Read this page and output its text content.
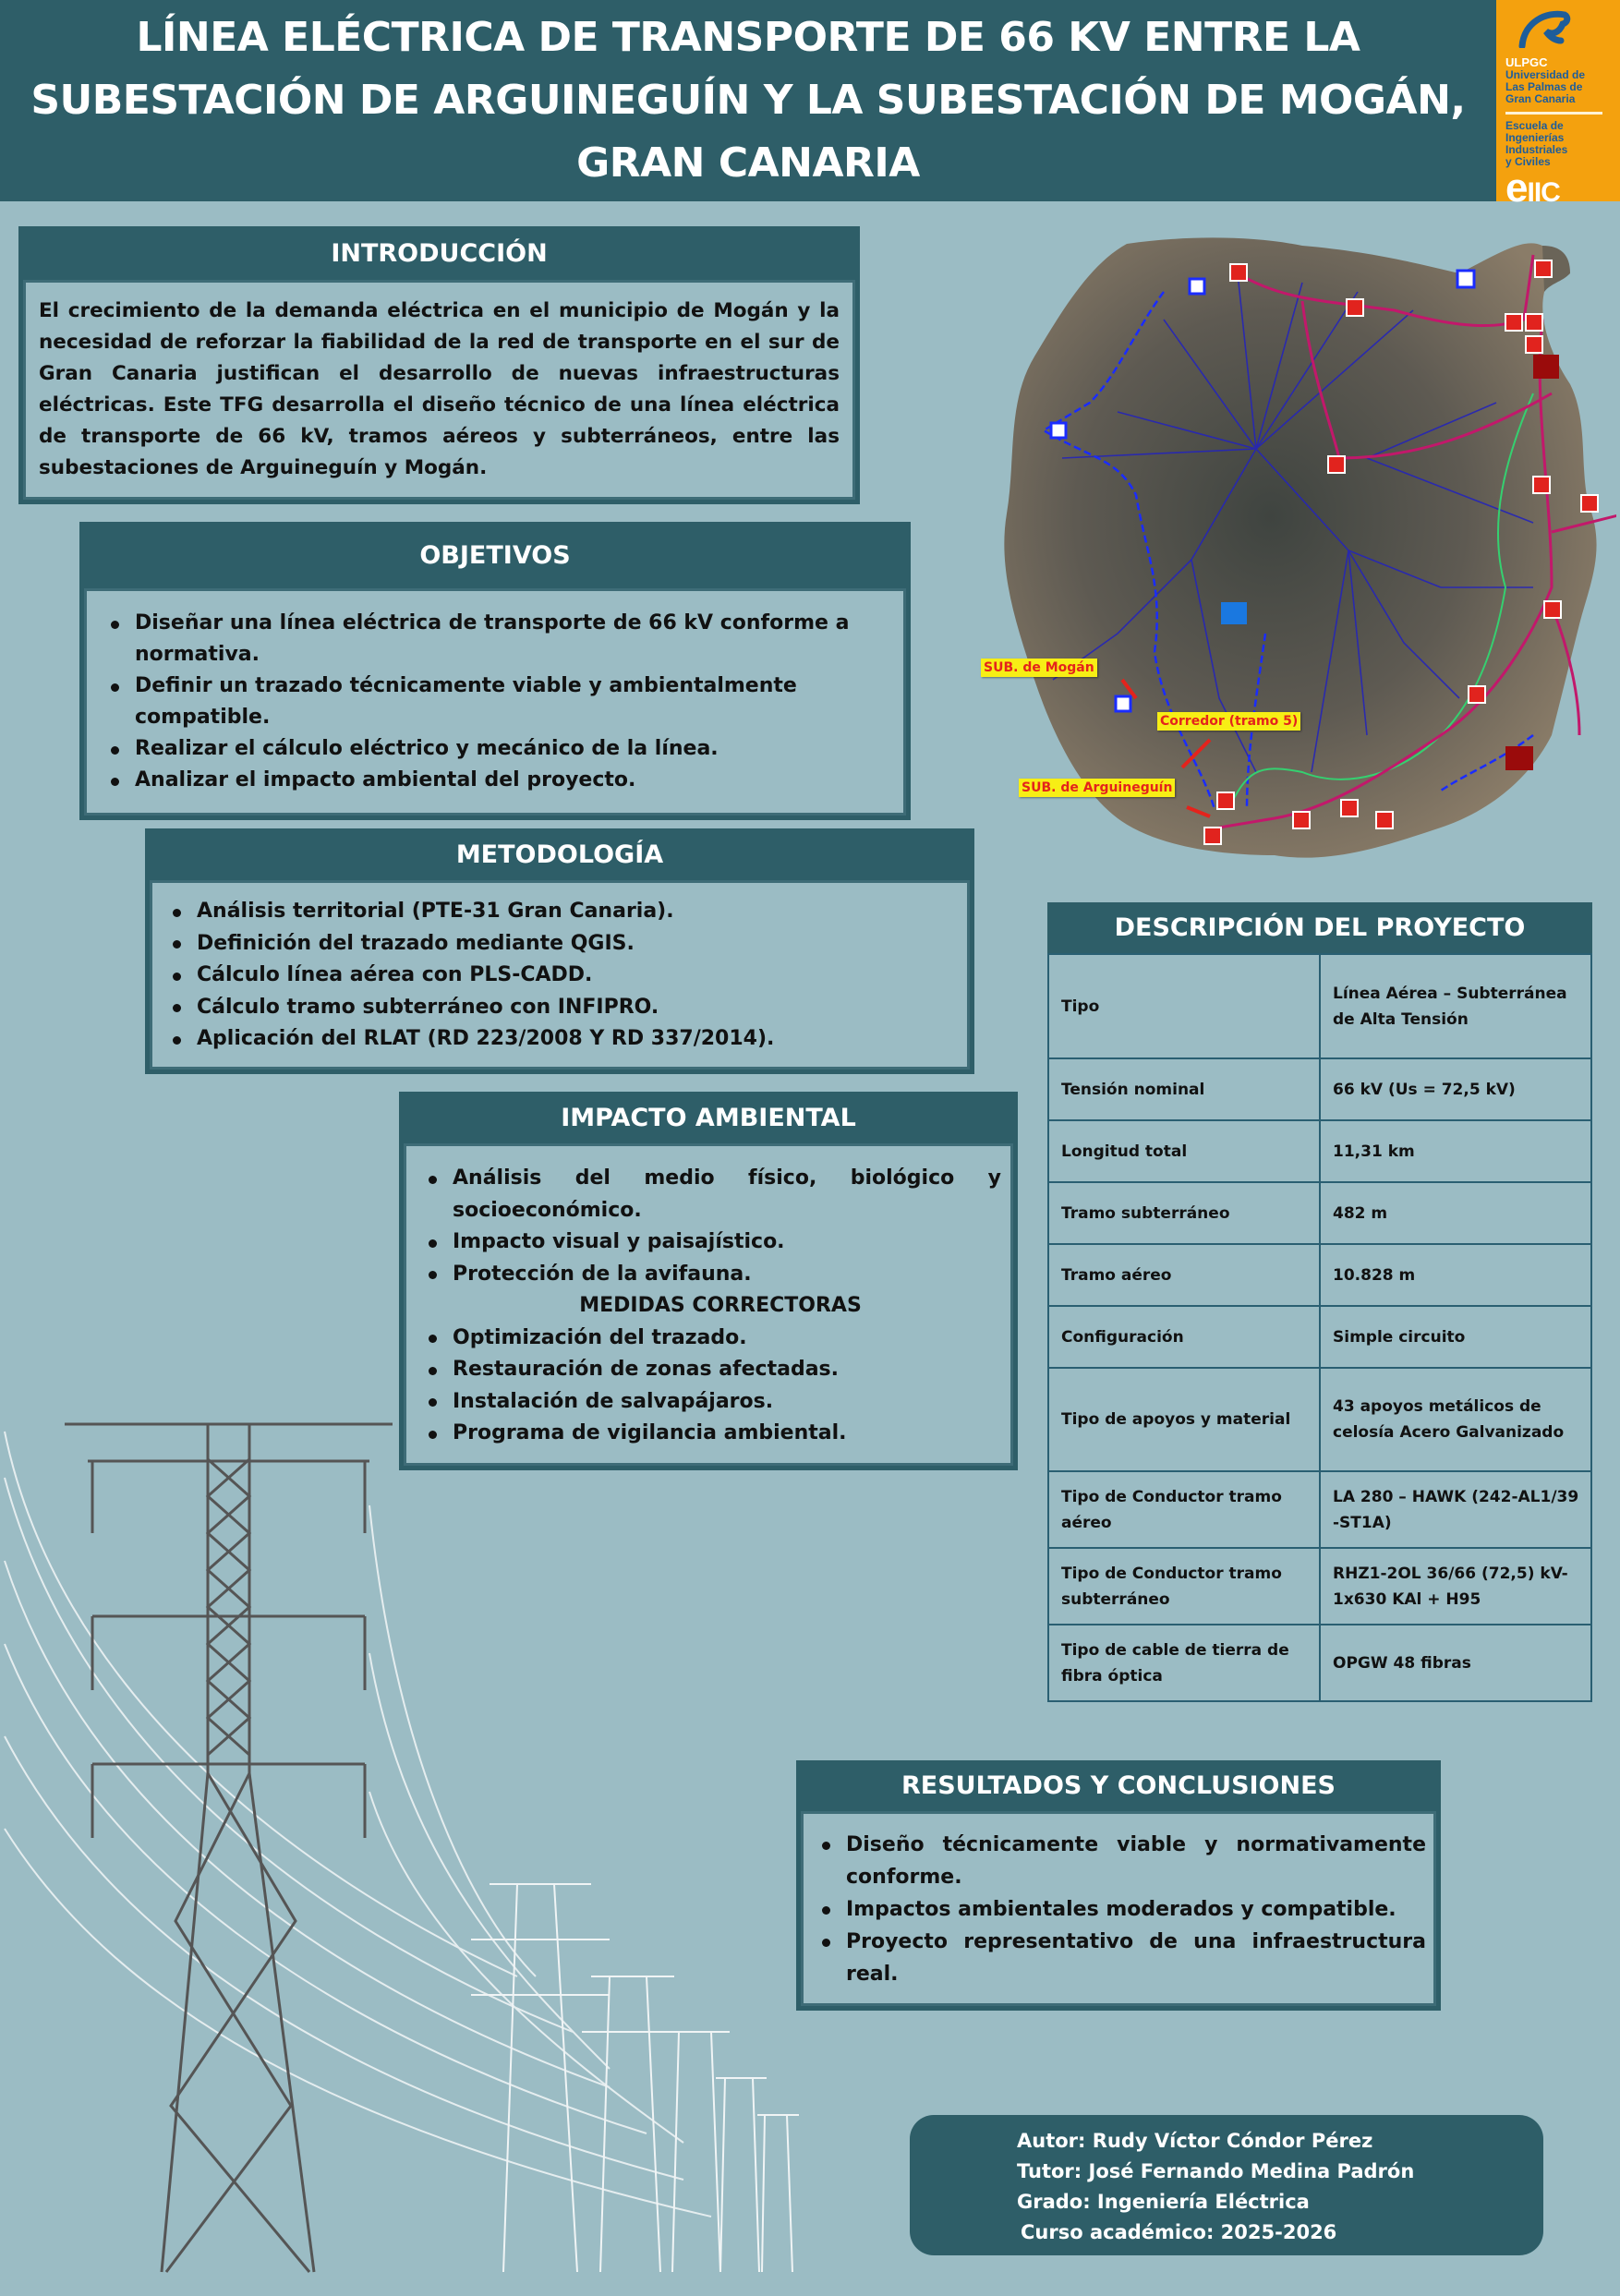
LÍNEA ELÉCTRICA DE TRANSPORTE DE 66 KV ENTRE LA
SUBESTACIÓN DE ARGUINEGUÍN Y LA SUBESTACIÓN DE MOGÁN,
GRAN CANARIA
ULPGC
Universidad de
Las Palmas de
Gran Canaria
Escuela de
Ingenierías
Industriales
y Civiles
eIIC
INTRODUCCIÓN

El crecimiento de la demanda eléctrica en el municipio de Mogán y la necesidad de reforzar la fiabilidad de la red de transporte en el sur de Gran Canaria justifican el desarrollo de nuevas infraestructuras eléctricas. Este TFG desarrolla el diseño técnico de una línea eléctrica de transporte de 66 kV, tramos aéreos y subterráneos, entre las subestaciones de Arguineguín y Mogán.

OBJETIVOS
Diseñar una línea eléctrica de transporte de 66 kV conforme a normativa.
Definir un trazado técnicamente viable y ambientalmente compatible.
Realizar el cálculo eléctrico y mecánico de la línea.
Analizar el impacto ambiental del proyecto.
METODOLOGÍA
Análisis territorial (PTE-31 Gran Canaria).
Definición del trazado mediante QGIS.
Cálculo línea aérea con PLS-CADD.
Cálculo tramo subterráneo con INFIPRO.
Aplicación del RLAT (RD 223/2008 Y RD 337/2014).
IMPACTO AMBIENTAL
Análisis del medio físico, biológico y socioeconómico.
Impacto visual y paisajístico.
Protección de la avifauna.
MEDIDAS CORRECTORAS
Optimización del trazado.
Restauración de zonas afectadas.
Instalación de salvapájaros.
Programa de vigilancia ambiental.
SUB. de Mogán
Corredor (tramo 5)
SUB. de Arguineguín
DESCRIPCIÓN DEL PROYECTO
Tipo	Línea Aérea – Subterránea de Alta Tensión
Tensión nominal	66 kV (Us = 72,5 kV)
Longitud total	11,31 km
Tramo subterráneo	482 m
Tramo aéreo	10.828 m
Configuración	Simple circuito
Tipo de apoyos y material	43 apoyos metálicos de celosía Acero Galvanizado
Tipo de Conductor tramo aéreo	LA 280 – HAWK (242-AL1/39 -ST1A)
Tipo de Conductor tramo subterráneo	RHZ1-2OL 36/66 (72,5) kV-1x630 KAl + H95
Tipo de cable de tierra de fibra óptica	OPGW 48 fibras
RESULTADOS Y CONCLUSIONES
Diseño técnicamente viable y normativamente conforme.
Impactos ambientales moderados y compatible.
Proyecto representativo de una infraestructura real.
Autor: Rudy Víctor Cóndor Pérez
Tutor: José Fernando Medina Padrón
Grado: Ingeniería Eléctrica
Curso académico: 2025-2026
